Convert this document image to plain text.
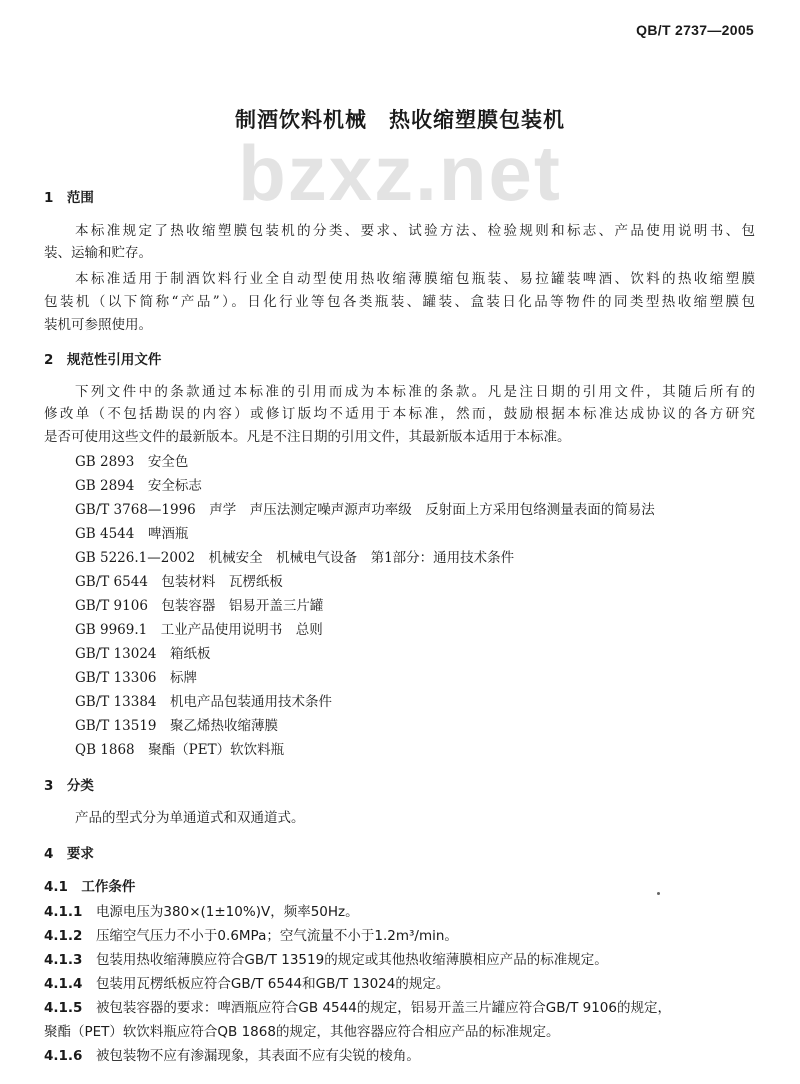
QB/T 2737—2005
bzxz.net
制酒饮料机械　热收缩塑膜包装机
1　范围
本标准规定了热收缩塑膜包装机的分类、要求、试验方法、检验规则和标志、产品使用说明书、包
装、运输和贮存。
本标准适用于制酒饮料行业全自动型使用热收缩薄膜缩包瓶装、易拉罐装啤酒、饮料的热收缩塑膜
包装机（以下简称“产品”）。日化行业等包各类瓶装、罐装、盒装日化品等物件的同类型热收缩塑膜包
装机可参照使用。
2　规范性引用文件
下列文件中的条款通过本标准的引用而成为本标准的条款。凡是注日期的引用文件，其随后所有的
修改单（不包括勘误的内容）或修订版均不适用于本标准，然而，鼓励根据本标准达成协议的各方研究
是否可使用这些文件的最新版本。凡是不注日期的引用文件，其最新版本适用于本标准。
GB 2893　 安全色
GB 2894　 安全标志
GB/T 3768—1996　 声学　声压法测定噪声源声功率级　反射面上方采用包络测量表面的简易法
GB 4544　 啤酒瓶
GB 5226.1—2002　 机械安全　机械电气设备　第1部分：通用技术条件
GB/T 6544　 包装材料　瓦楞纸板
GB/T 9106　 包装容器　铝易开盖三片罐
GB 9969.1　 工业产品使用说明书　总则
GB/T 13024　 箱纸板
GB/T 13306　 标牌
GB/T 13384　 机电产品包装通用技术条件
GB/T 13519　 聚乙烯热收缩薄膜
QB 1868　 聚酯（PET）软饮料瓶
3　分类
产品的型式分为单通道式和双通道式。
4　要求
4.1　 工作条件
4.1.1　 电源电压为380×(1±10%)V，频率50Hz。
4.1.2　 压缩空气压力不小于0.6MPa；空气流量不小于1.2m³/min。
4.1.3　 包装用热收缩薄膜应符合GB/T 13519的规定或其他热收缩薄膜相应产品的标准规定。
4.1.4　 包装用瓦楞纸板应符合GB/T 6544和GB/T 13024的规定。
4.1.5　 被包装容器的要求：啤酒瓶应符合GB 4544的规定，铝易开盖三片罐应符合GB/T 9106的规定，
聚酯（PET）软饮料瓶应符合QB 1868的规定，其他容器应符合相应产品的标准规定。
4.1.6　 被包装物不应有渗漏现象，其表面不应有尖锐的棱角。
